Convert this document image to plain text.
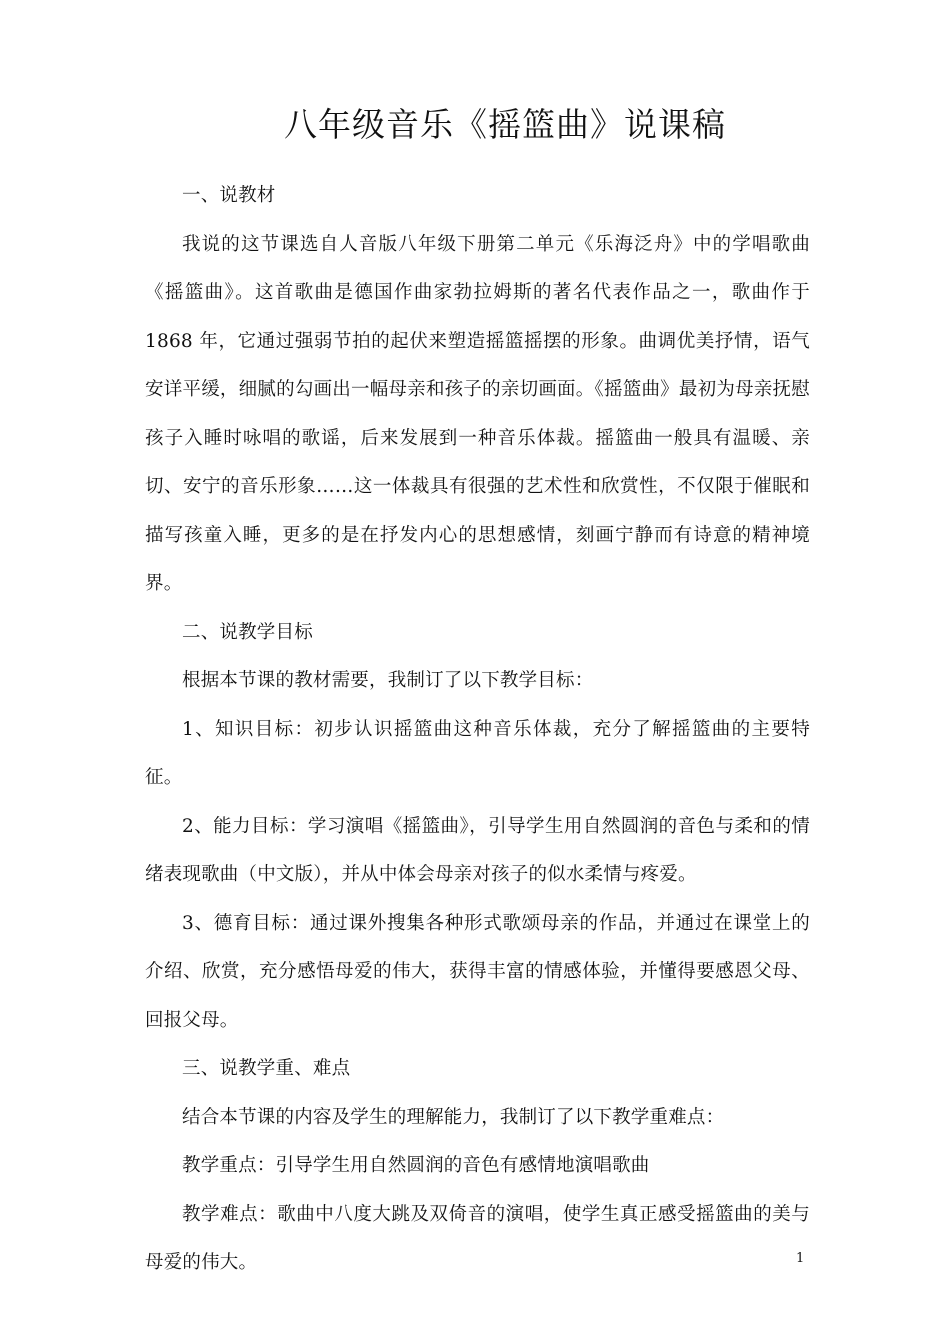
八年级音乐《摇篮曲》说课稿

一、说教材

我说的这节课选自人音版八年级下册第二单元《乐海泛舟》中的学唱歌曲《摇篮曲》。这首歌曲是德国作曲家勃拉姆斯的著名代表作品之一，歌曲作于 1868 年，它通过强弱节拍的起伏来塑造摇篮摇摆的形象。曲调优美抒情，语气安详平缓，细腻的勾画出一幅母亲和孩子的亲切画面。《摇篮曲》最初为母亲抚慰孩子入睡时咏唱的歌谣，后来发展到一种音乐体裁。摇篮曲一般具有温暖、亲切、安宁的音乐形象……这一体裁具有很强的艺术性和欣赏性，不仅限于催眠和描写孩童入睡，更多的是在抒发内心的思想感情，刻画宁静而有诗意的精神境界。

二、说教学目标

根据本节课的教材需要，我制订了以下教学目标：

1、知识目标：初步认识摇篮曲这种音乐体裁，充分了解摇篮曲的主要特征。

2、能力目标：学习演唱《摇篮曲》，引导学生用自然圆润的音色与柔和的情绪表现歌曲（中文版），并从中体会母亲对孩子的似水柔情与疼爱。

3、德育目标：通过课外搜集各种形式歌颂母亲的作品，并通过在课堂上的介绍、欣赏，充分感悟母爱的伟大，获得丰富的情感体验，并懂得要感恩父母、回报父母。

三、说教学重、难点

结合本节课的内容及学生的理解能力，我制订了以下教学重难点：

教学重点：引导学生用自然圆润的音色有感情地演唱歌曲

教学难点：歌曲中八度大跳及双倚音的演唱，使学生真正感受摇篮曲的美与母爱的伟大。	1
